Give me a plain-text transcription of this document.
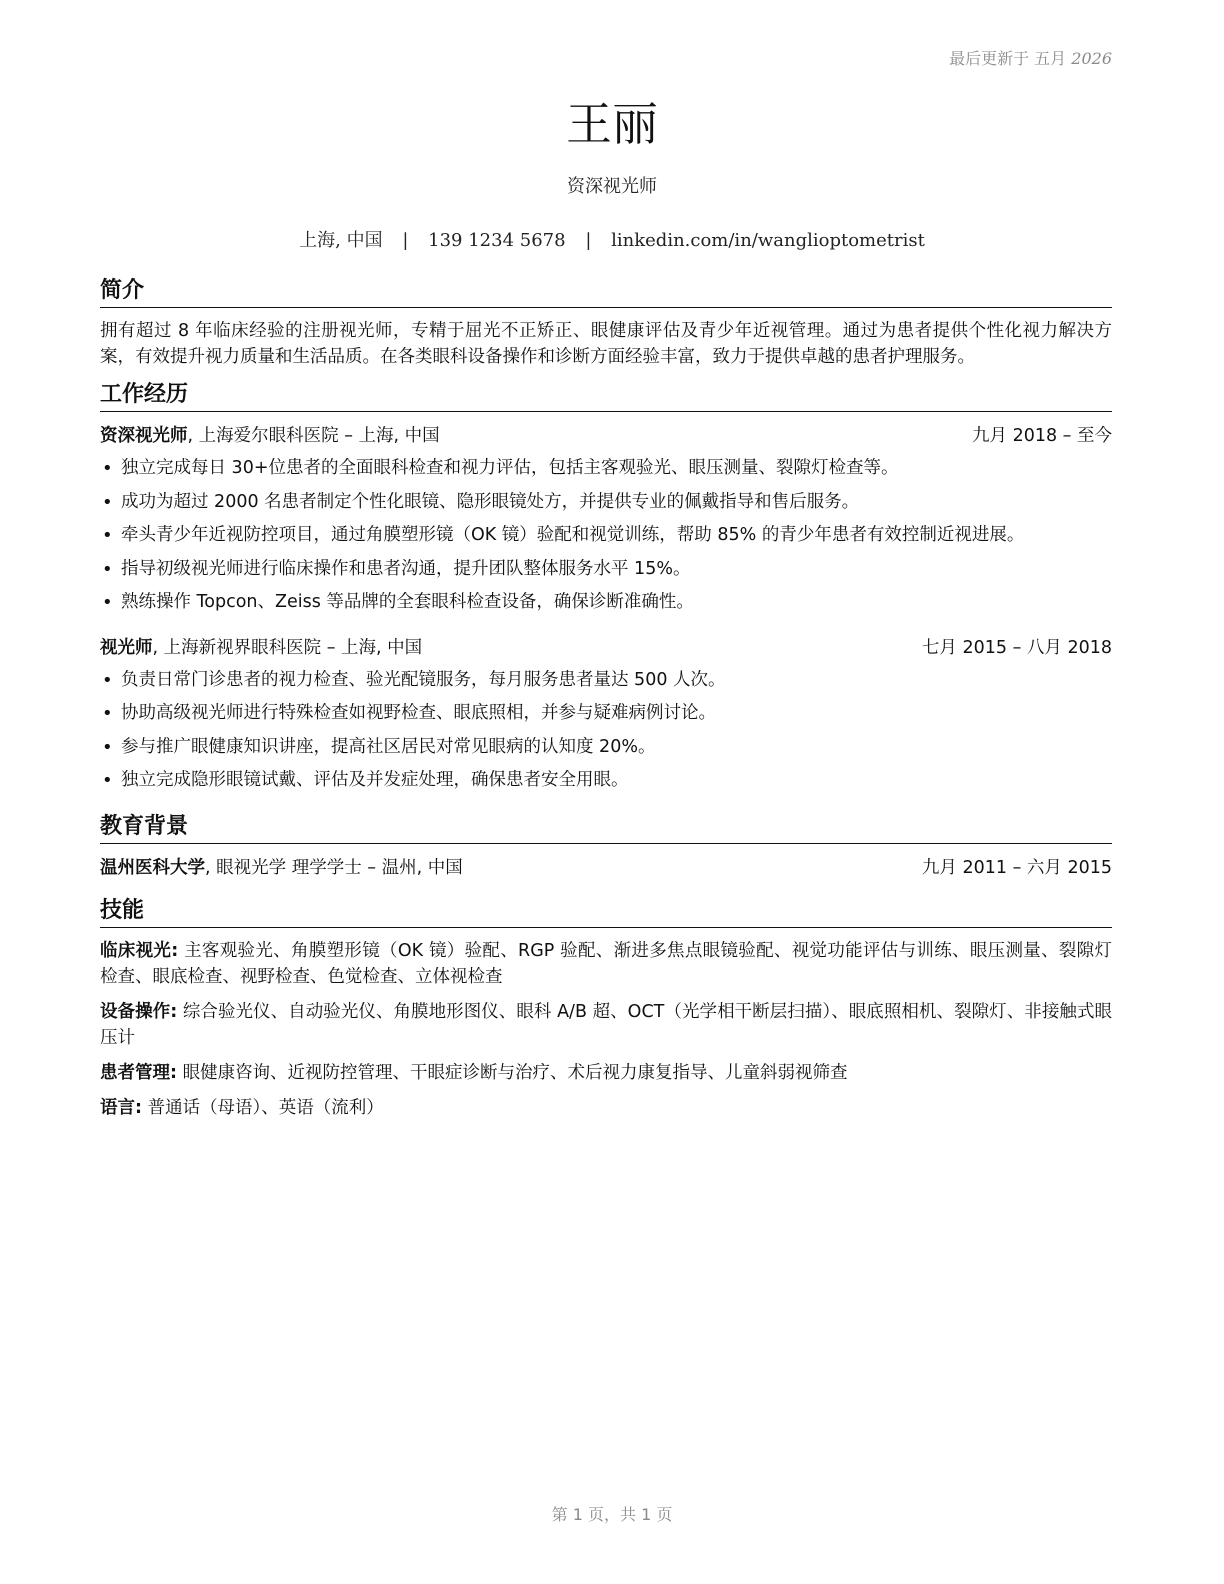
最后更新于 五月 2026
王丽
资深视光师
上海, 中国 | 139 1234 5678 | linkedin.com/in/wanglioptometrist
简介

拥有超过 8 年临床经验的注册视光师，专精于屈光不正矫正、眼健康评估及青少年近视管理。通过为患者提供个性化视力解决方案，有效提升视力质量和生活品质。在各类眼科设备操作和诊断方面经验丰富，致力于提供卓越的患者护理服务。

工作经历
资深视光师, 上海爱尔眼科医院 – 上海, 中国	九月 2018 – 至今
• 独立完成每日 30+位患者的全面眼科检查和视力评估，包括主客观验光、眼压测量、裂隙灯检查等。
• 成功为超过 2000 名患者制定个性化眼镜、隐形眼镜处方，并提供专业的佩戴指导和售后服务。
• 牵头青少年近视防控项目，通过角膜塑形镜（OK 镜）验配和视觉训练，帮助 85% 的青少年患者有效控制近视进展。
• 指导初级视光师进行临床操作和患者沟通，提升团队整体服务水平 15%。
• 熟练操作 Topcon、Zeiss 等品牌的全套眼科检查设备，确保诊断准确性。
视光师, 上海新视界眼科医院 – 上海, 中国	七月 2015 – 八月 2018
• 负责日常门诊患者的视力检查、验光配镜服务，每月服务患者量达 500 人次。
• 协助高级视光师进行特殊检查如视野检查、眼底照相，并参与疑难病例讨论。
• 参与推广眼健康知识讲座，提高社区居民对常见眼病的认知度 20%。
• 独立完成隐形眼镜试戴、评估及并发症处理，确保患者安全用眼。
教育背景
温州医科大学, 眼视光学 理学学士 – 温州, 中国	九月 2011 – 六月 2015
技能
临床视光: 主客观验光、角膜塑形镜（OK 镜）验配、RGP 验配、渐进多焦点眼镜验配、视觉功能评估与训练、眼压测量、裂隙灯检查、眼底检查、视野检查、色觉检查、立体视检查
设备操作: 综合验光仪、自动验光仪、角膜地形图仪、眼科 A/B 超、OCT（光学相干断层扫描）、眼底照相机、裂隙灯、非接触式眼压计
患者管理: 眼健康咨询、近视防控管理、干眼症诊断与治疗、术后视力康复指导、儿童斜弱视筛查
语言: 普通话（母语）、英语（流利）
第 1 页，共 1 页
